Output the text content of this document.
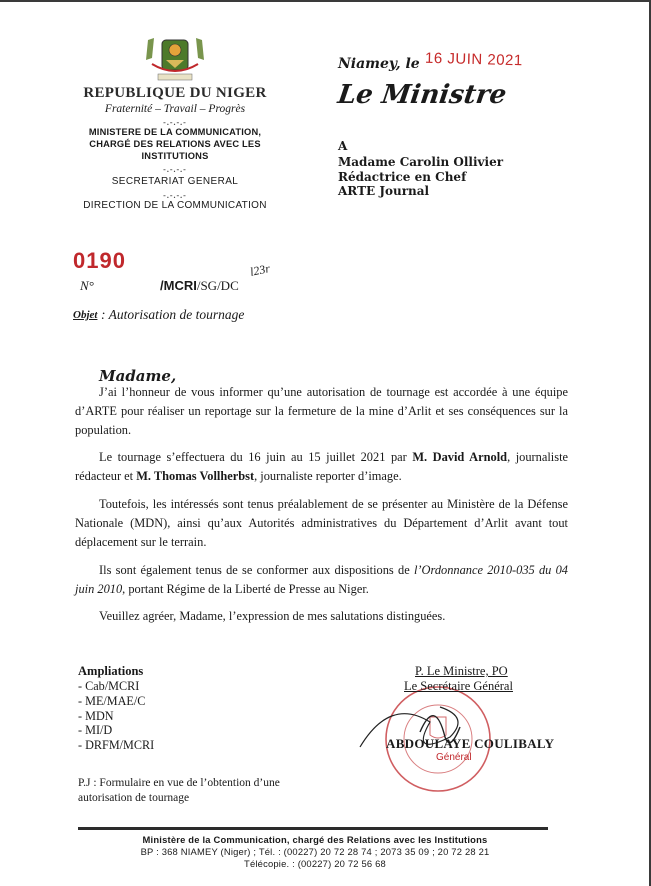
REPUBLIQUE DU NIGER
Fraternité – Travail – Progrès
-.-.-.-
MINISTERE DE LA COMMUNICATION,
CHARGÉ DES RELATIONS AVEC LES
INSTITUTIONS
-.-.-.-
SECRETARIAT GENERAL
-.-.-.-
DIRECTION DE LA COMMUNICATION
Niamey, le 16 JUIN 2021
Le Ministre
A
Madame Carolin Ollivier
Rédactrice en Chef
ARTE Journal
0190
N°	/MCRI/SG/DC
l23r
Objet : Autorisation de tournage
Madame,

J’ai l’honneur de vous informer qu’une autorisation de tournage est accordée à une équipe d’ARTE pour réaliser un reportage sur la fermeture de la mine d’Arlit et ses conséquences sur la population.

Le tournage s’effectuera du 16 juin au 15 juillet 2021 par M. David Arnold, journaliste rédacteur et M. Thomas Vollherbst, journaliste reporter d’image.

Toutefois, les intéressés sont tenus préalablement de se présenter au Ministère de la Défense Nationale (MDN), ainsi qu’aux Autorités administratives du Département d’Arlit avant tout déplacement sur le terrain.

Ils sont également tenus de se conformer aux dispositions de l’Ordonnance 2010-035 du 04 juin 2010, portant Régime de la Liberté de Presse au Niger.

Veuillez agréer, Madame, l’expression de mes salutations distinguées.

Ampliations
- Cab/MCRI
- ME/MAE/C
- MDN
- MI/D
- DRFM/MCRI
P.J : Formulaire en vue de l’obtention d’une autorisation de tournage
Général
P. Le Ministre, PO
Le Secrétaire Général
ABDOULAYE COULIBALY
Ministère de la Communication, chargé des Relations avec les Institutions
BP : 368 NIAMEY (Niger) ; Tél. : (00227) 20 72 28 74 ; 2073 35 09 ; 20 72 28 21
Télécopie. : (00227) 20 72 56 68
